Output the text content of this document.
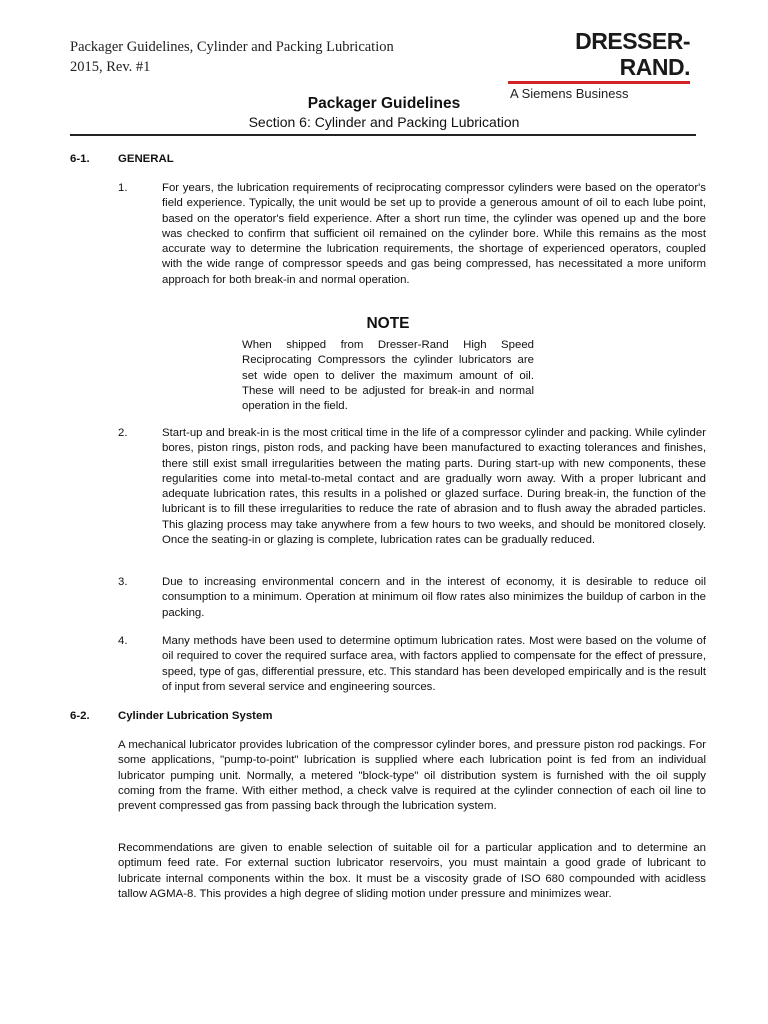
Packager Guidelines, Cylinder and Packing Lubrication
2015, Rev. #1
DRESSER-RAND.
A Siemens Business
Packager Guidelines
Section 6: Cylinder and Packing Lubrication
6-1. GENERAL
1.	For years, the lubrication requirements of reciprocating compressor cylinders were based on the operator's field experience. Typically, the unit would be set up to provide a generous amount of oil to each lube point, based on the operator's field experience. After a short run time, the cylinder was opened up and the bore was checked to confirm that sufficient oil remained on the cylinder bore. While this remains as the most accurate way to determine the lubrication requirements, the shortage of experienced operators, coupled with the wide range of compressor speeds and gas being compressed, has necessitated a more uniform approach for both break-in and normal operation.
NOTE
When shipped from Dresser-Rand High Speed Reciprocating Compressors the cylinder lubricators are set wide open to deliver the maximum amount of oil. These will need to be adjusted for break-in and normal operation in the field.
2.	Start-up and break-in is the most critical time in the life of a compressor cylinder and packing. While cylinder bores, piston rings, piston rods, and packing have been manufactured to exacting tolerances and finishes, there still exist small irregularities between the mating parts. During start-up with new components, these regularities come into metal-to-metal contact and are gradually worn away. With a proper lubricant and adequate lubrication rates, this results in a polished or glazed surface. During break-in, the function of the lubricant is to fill these irregularities to reduce the rate of abrasion and to flush away the abraded particles. This glazing process may take anywhere from a few hours to two weeks, and should be monitored closely. Once the seating-in or glazing is complete, lubrication rates can be gradually reduced.
3.	Due to increasing environmental concern and in the interest of economy, it is desirable to reduce oil consumption to a minimum. Operation at minimum oil flow rates also minimizes the buildup of carbon in the packing.
4.	Many methods have been used to determine optimum lubrication rates. Most were based on the volume of oil required to cover the required surface area, with factors applied to compensate for the effect of pressure, speed, type of gas, differential pressure, etc. This standard has been developed empirically and is the result of input from several service and engineering sources.
6-2. Cylinder Lubrication System
A mechanical lubricator provides lubrication of the compressor cylinder bores, and pressure piston rod packings. For some applications, "pump-to-point" lubrication is supplied where each lubrication point is fed from an individual lubricator pumping unit. Normally, a metered "block-type" oil distribution system is furnished with the oil supply coming from the frame. With either method, a check valve is required at the cylinder connection of each oil line to prevent compressed gas from passing back through the lubrication system.
Recommendations are given to enable selection of suitable oil for a particular application and to determine an optimum feed rate. For external suction lubricator reservoirs, you must maintain a good grade of lubricant to lubricate internal components within the box. It must be a viscosity grade of ISO 680 compounded with acidless tallow AGMA-8. This provides a high degree of sliding motion under pressure and minimizes wear.
